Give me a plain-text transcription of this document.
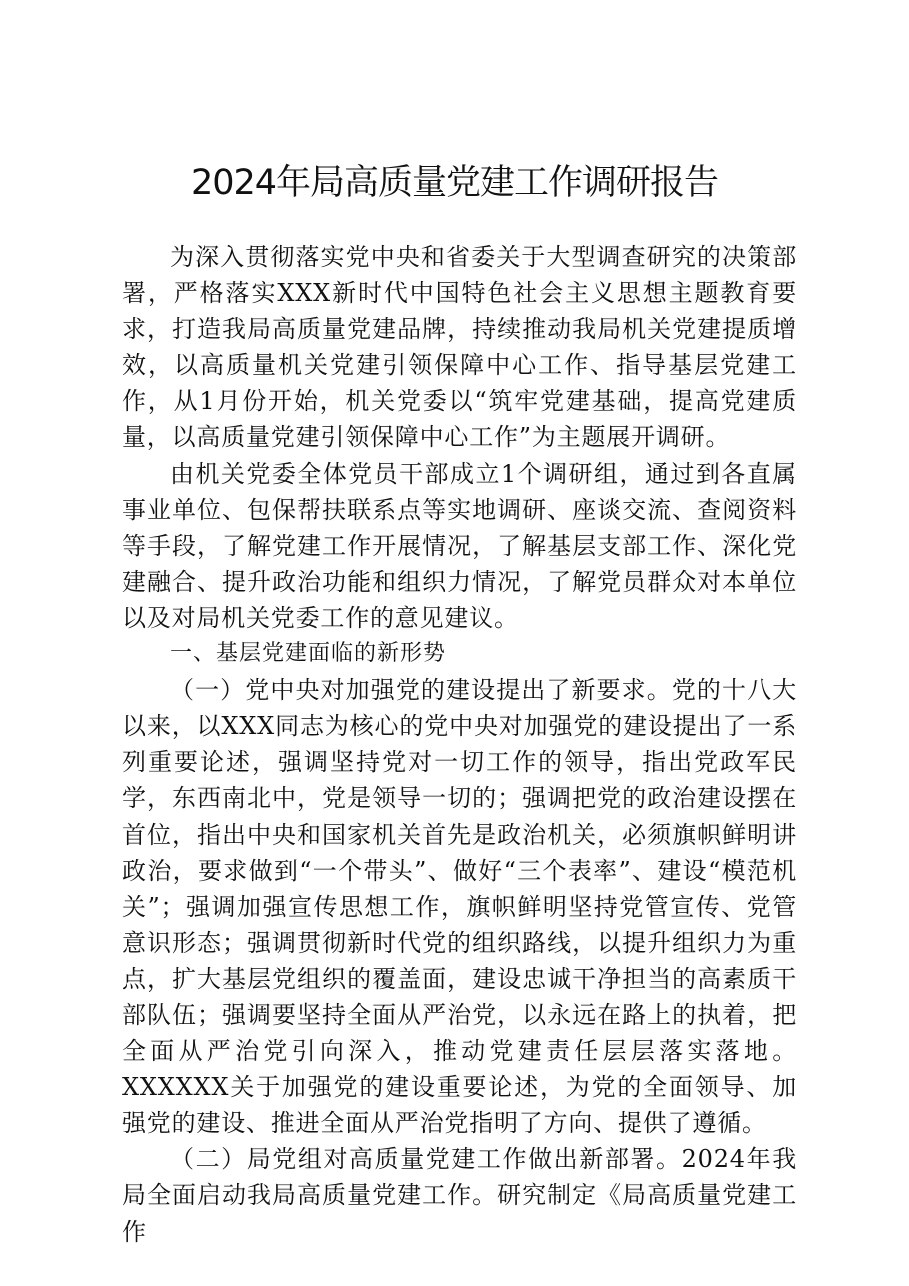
2024年局高质量党建工作调研报告

为深入贯彻落实党中央和省委关于大型调查研究的决策部署，严格落实XXX新时代中国特色社会主义思想主题教育要求，打造我局高质量党建品牌，持续推动我局机关党建提质增效，以高质量机关党建引领保障中心工作、指导基层党建工作，从1月份开始，机关党委以“筑牢党建基础，提高党建质量，以高质量党建引领保障中心工作”为主题展开调研。

由机关党委全体党员干部成立1个调研组，通过到各直属事业单位、包保帮扶联系点等实地调研、座谈交流、查阅资料等手段，了解党建工作开展情况，了解基层支部工作、深化党建融合、提升政治功能和组织力情况，了解党员群众对本单位以及对局机关党委工作的意见建议。

一、基层党建面临的新形势

（一）党中央对加强党的建设提出了新要求。党的十八大以来，以XXX同志为核心的党中央对加强党的建设提出了一系列重要论述，强调坚持党对一切工作的领导，指出党政军民学，东西南北中，党是领导一切的；强调把党的政治建设摆在首位，指出中央和国家机关首先是政治机关，必须旗帜鲜明讲政治，要求做到“一个带头”、做好“三个表率”、建设“模范机关”；强调加强宣传思想工作，旗帜鲜明坚持党管宣传、党管意识形态；强调贯彻新时代党的组织路线，以提升组织力为重点，扩大基层党组织的覆盖面，建设忠诚干净担当的高素质干部队伍；强调要坚持全面从严治党，以永远在路上的执着，把全面从严治党引向深入，推动党建责任层层落实落地。XXXXXX关于加强党的建设重要论述，为党的全面领导、加强党的建设、推进全面从严治党指明了方向、提供了遵循。

（二）局党组对高质量党建工作做出新部署。2024年我局全面启动我局高质量党建工作。研究制定《局高质量党建工作
